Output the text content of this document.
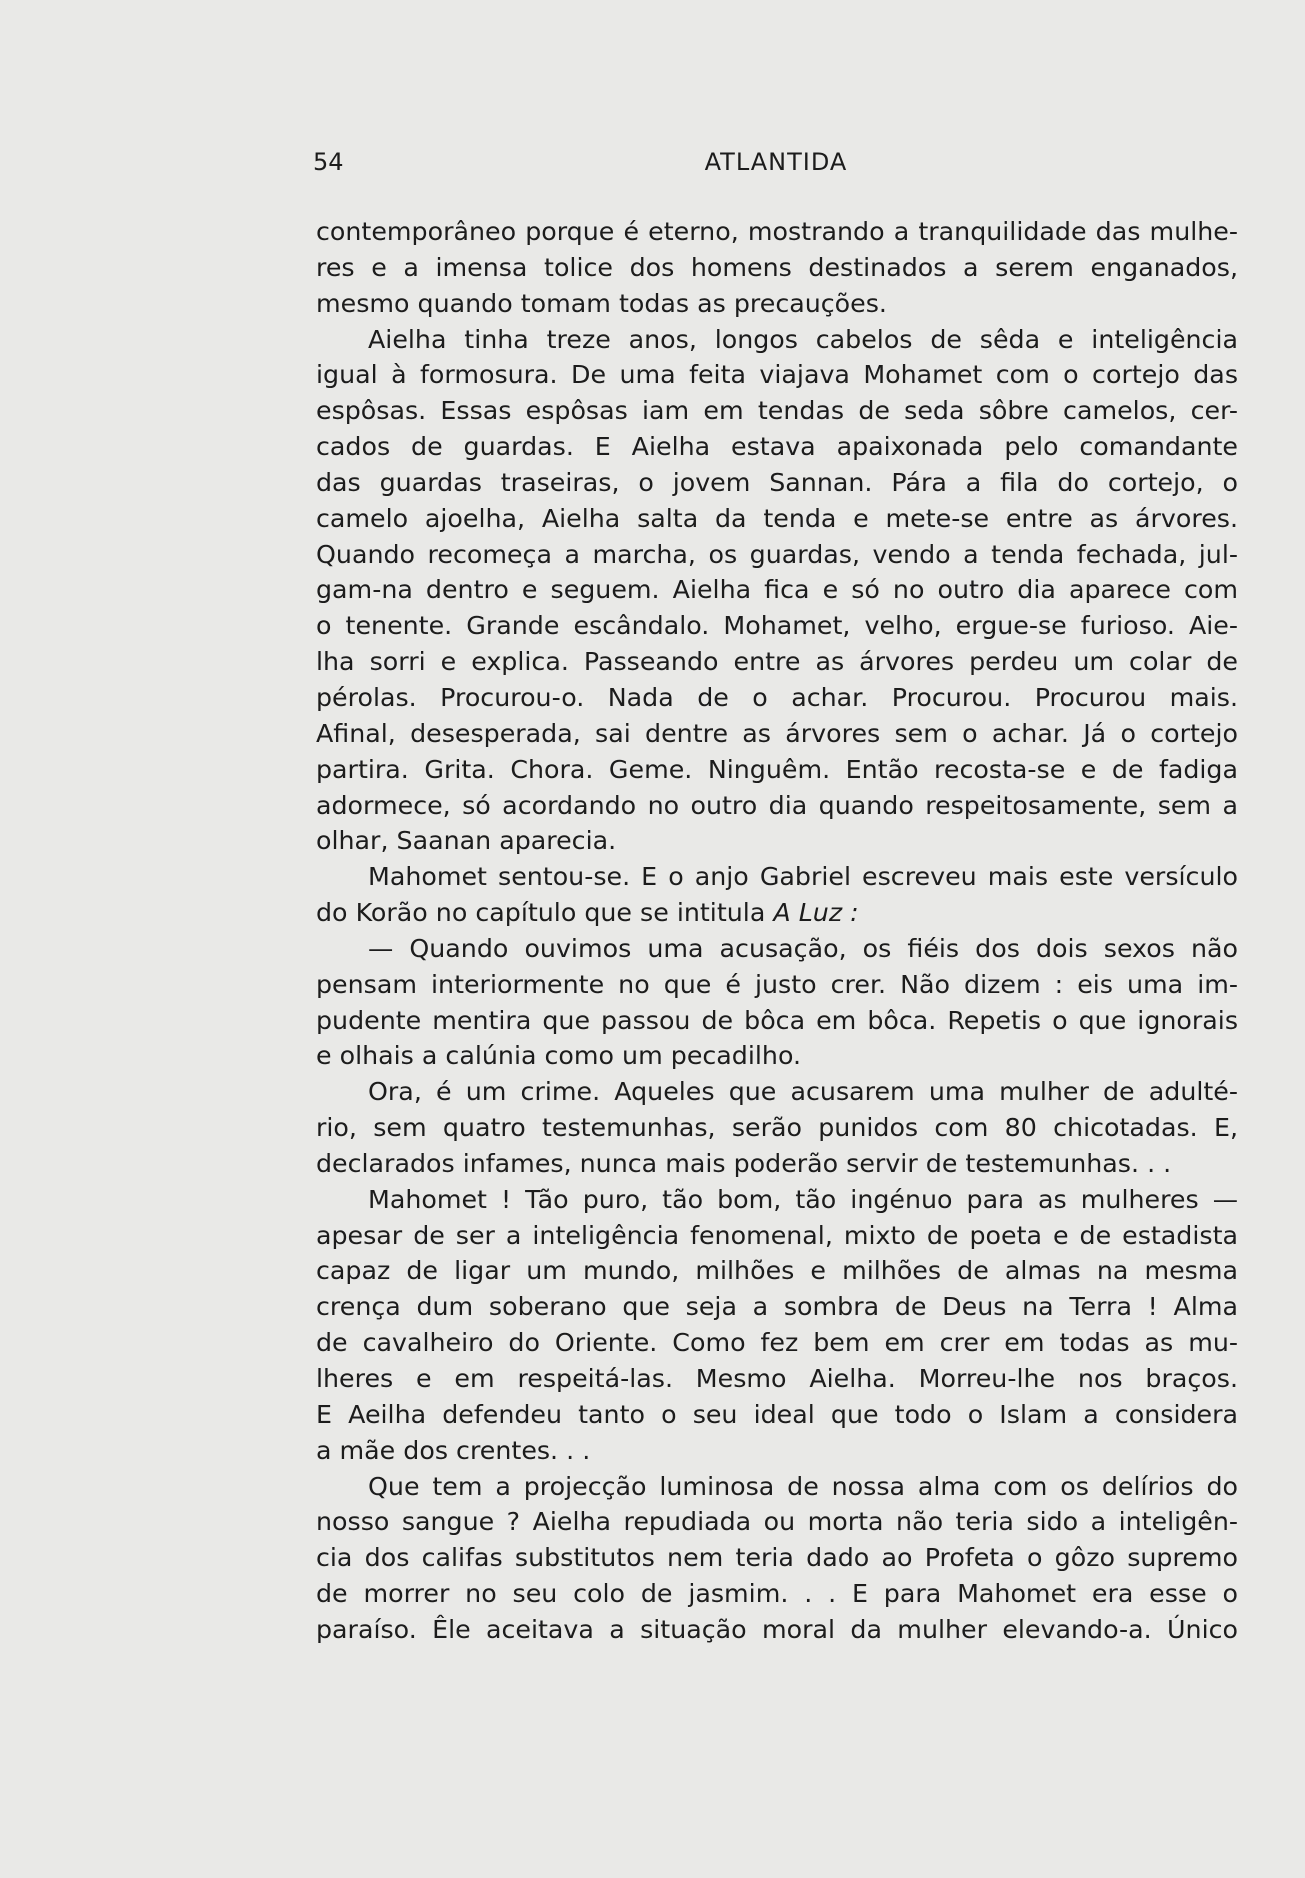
54	ATLANTIDA
contemporâneo porque é eterno, mostrando a tranquilidade das mulhe-
res e a imensa tolice dos homens destinados a serem enganados,
mesmo quando tomam todas as precauções.
Aielha tinha treze anos, longos cabelos de sêda e inteligência
igual à formosura. De uma feita viajava Mohamet com o cortejo das
espôsas. Essas espôsas iam em tendas de seda sôbre camelos, cer-
cados de guardas. E Aielha estava apaixonada pelo comandante
das guardas traseiras, o jovem Sannan. Pára a fila do cortejo, o
camelo ajoelha, Aielha salta da tenda e mete-se entre as árvores.
Quando recomeça a marcha, os guardas, vendo a tenda fechada, jul-
gam-na dentro e seguem. Aielha fica e só no outro dia aparece com
o tenente. Grande escândalo. Mohamet, velho, ergue-se furioso. Aie-
lha sorri e explica. Passeando entre as árvores perdeu um colar de
pérolas. Procurou-o. Nada de o achar. Procurou. Procurou mais.
Afinal, desesperada, sai dentre as árvores sem o achar. Já o cortejo
partira. Grita. Chora. Geme. Ninguêm. Então recosta-se e de fadiga
adormece, só acordando no outro dia quando respeitosamente, sem a
olhar, Saanan aparecia.
Mahomet sentou-se. E o anjo Gabriel escreveu mais este versículo
do Korão no capítulo que se intitula A Luz :
— Quando ouvimos uma acusação, os fiéis dos dois sexos não
pensam interiormente no que é justo crer. Não dizem : eis uma im-
pudente mentira que passou de bôca em bôca. Repetis o que ignorais
e olhais a calúnia como um pecadilho.
Ora, é um crime. Aqueles que acusarem uma mulher de adulté-
rio, sem quatro testemunhas, serão punidos com 80 chicotadas. E,
declarados infames, nunca mais poderão servir de testemunhas. . .
Mahomet ! Tão puro, tão bom, tão ingénuo para as mulheres —
apesar de ser a inteligência fenomenal, mixto de poeta e de estadista
capaz de ligar um mundo, milhões e milhões de almas na mesma
crença dum soberano que seja a sombra de Deus na Terra ! Alma
de cavalheiro do Oriente. Como fez bem em crer em todas as mu-
lheres e em respeitá-las. Mesmo Aielha. Morreu-lhe nos braços.
E Aeilha defendeu tanto o seu ideal que todo o Islam a considera
a mãe dos crentes. . .
Que tem a projecção luminosa de nossa alma com os delírios do
nosso sangue ? Aielha repudiada ou morta não teria sido a inteligên-
cia dos califas substitutos nem teria dado ao Profeta o gôzo supremo
de morrer no seu colo de jasmim. . . E para Mahomet era esse o
paraíso. Êle aceitava a situação moral da mulher elevando-a. Único
